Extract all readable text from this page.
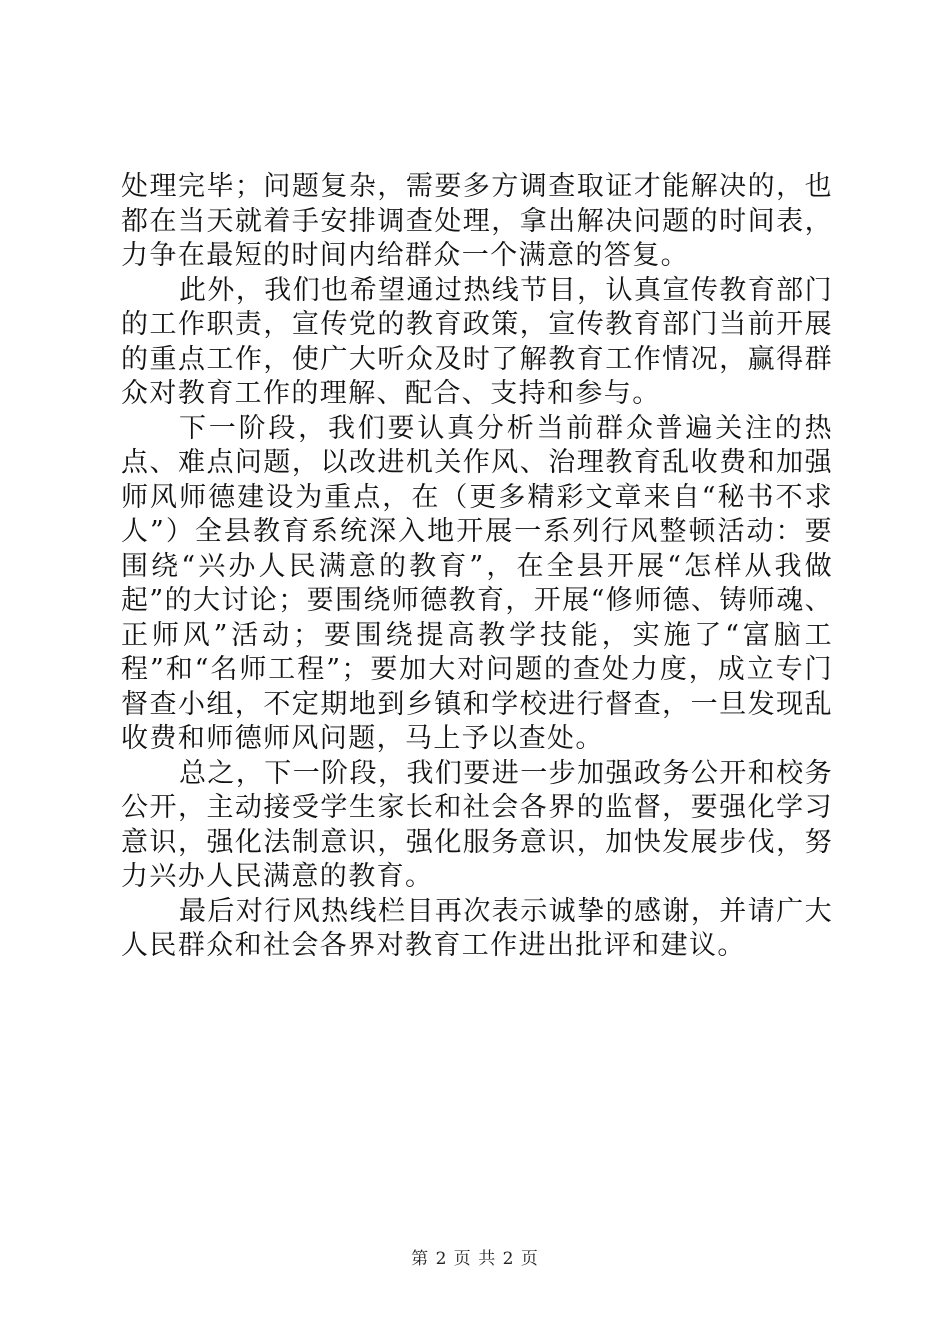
处理完毕；问题复杂，需要多方调查取证才能解决的，也都在当天就着手安排调查处理，拿出解决问题的时间表，力争在最短的时间内给群众一个满意的答复。

此外，我们也希望通过热线节目，认真宣传教育部门的工作职责，宣传党的教育政策，宣传教育部门当前开展的重点工作，使广大听众及时了解教育工作情况，赢得群众对教育工作的理解、配合、支持和参与。

下一阶段，我们要认真分析当前群众普遍关注的热点、难点问题，以改进机关作风、治理教育乱收费和加强师风师德建设为重点，在（更多精彩文章来自“秘书不求人”）全县教育系统深入地开展一系列行风整顿活动：要围绕“兴办人民满意的教育”，在全县开展“怎样从我做起”的大讨论；要围绕师德教育，开展“修师德、铸师魂、正师风”活动；要围绕提高教学技能，实施了“富脑工程”和“名师工程”；要加大对问题的查处力度，成立专门督查小组，不定期地到乡镇和学校进行督查，一旦发现乱收费和师德师风问题，马上予以查处。

总之，下一阶段，我们要进一步加强政务公开和校务公开，主动接受学生家长和社会各界的监督，要强化学习意识，强化法制意识，强化服务意识，加快发展步伐，努力兴办人民满意的教育。

最后对行风热线栏目再次表示诚挚的感谢，并请广大人民群众和社会各界对教育工作进出批评和建议。

第 2 页 共 2 页
